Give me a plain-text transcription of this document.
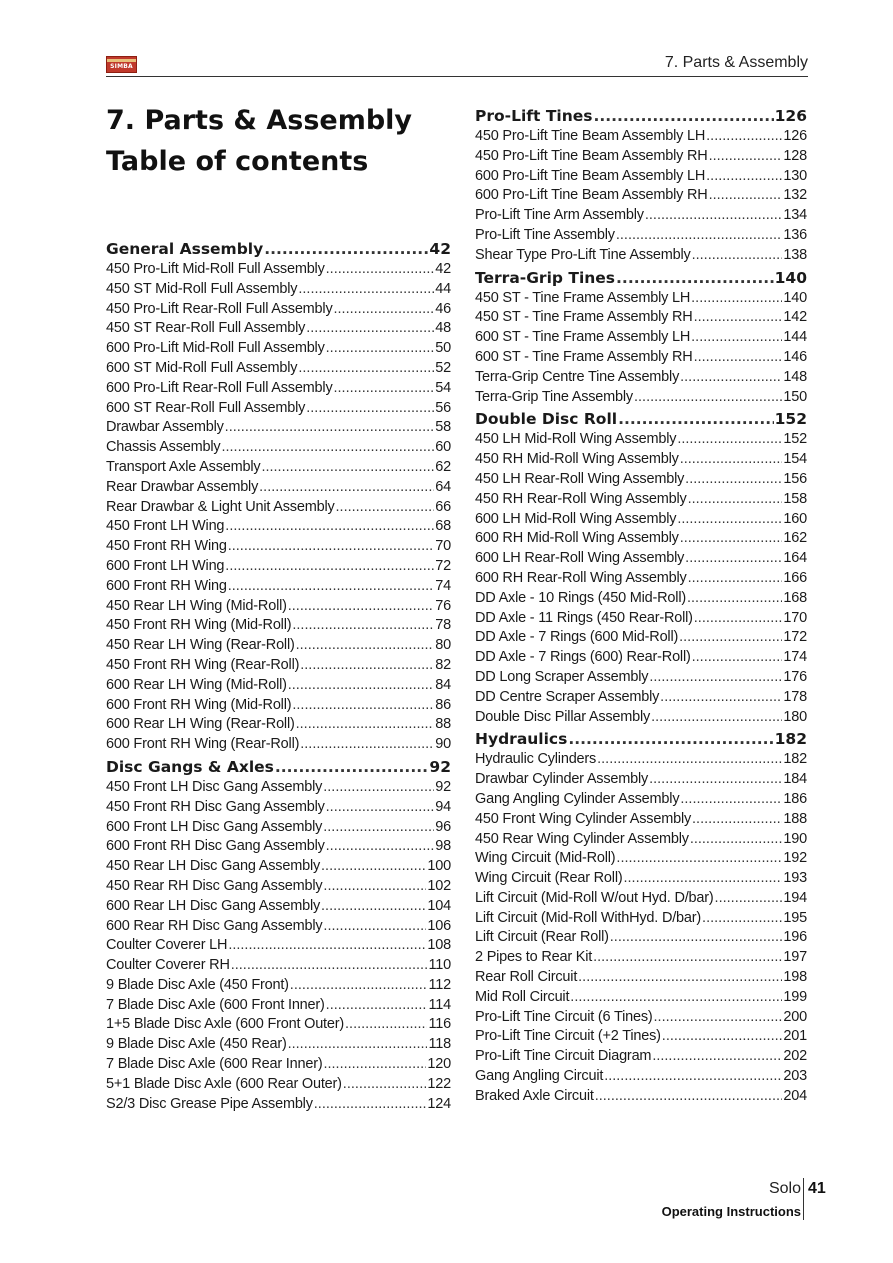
SIMBA	7. Parts & Assembly
7. Parts & Assembly
Table of contents
General Assembly .....	42
450 Pro-Lift Mid-Roll Full Assembly .....	42
450 ST Mid-Roll Full Assembly .....	44
450 Pro-Lift Rear-Roll Full Assembly .....	46
450 ST Rear-Roll Full Assembly .....	48
600 Pro-Lift Mid-Roll Full Assembly .....	50
600 ST Mid-Roll Full Assembly .....	52
600 Pro-Lift Rear-Roll Full Assembly .....	54
600 ST Rear-Roll Full Assembly .....	56
Drawbar Assembly .....	58
Chassis Assembly .....	60
Transport Axle Assembly .....	62
Rear Drawbar Assembly .....	64
Rear Drawbar & Light Unit Assembly .....	66
450 Front LH Wing .....	68
450 Front RH Wing .....	70
600 Front LH Wing .....	72
600 Front RH Wing .....	74
450 Rear LH Wing (Mid-Roll) .....	76
450 Front RH Wing (Mid-Roll) .....	78
450 Rear LH Wing (Rear-Roll) .....	80
450 Front RH Wing (Rear-Roll) .....	82
600 Rear LH Wing (Mid-Roll) .....	84
600 Front RH Wing (Mid-Roll) .....	86
600 Rear LH Wing (Rear-Roll) .....	88
600 Front RH Wing (Rear-Roll) .....	90
Disc Gangs & Axles .....	92
450 Front LH Disc Gang Assembly .....	92
450 Front RH Disc Gang Assembly .....	94
600 Front LH Disc Gang Assembly .....	96
600 Front RH Disc Gang Assembly .....	98
450 Rear LH Disc Gang Assembly .....	100
450 Rear RH Disc Gang Assembly .....	102
600 Rear LH Disc Gang Assembly .....	104
600 Rear RH Disc Gang Assembly .....	106
Coulter Coverer LH .....	108
Coulter Coverer RH .....	110
9 Blade Disc Axle (450 Front) .....	112
7 Blade Disc Axle (600 Front Inner) .....	114
1+5 Blade Disc Axle (600 Front Outer) .....	116
9 Blade Disc Axle (450 Rear) .....	118
7 Blade Disc Axle (600 Rear Inner) .....	120
5+1 Blade Disc Axle (600 Rear Outer) .....	122
S2/3 Disc Grease Pipe Assembly .....	124
Pro-Lift Tines .....	126
450 Pro-Lift Tine Beam Assembly LH .....	126
450 Pro-Lift Tine Beam Assembly RH .....	128
600 Pro-Lift Tine Beam Assembly LH .....	130
600 Pro-Lift Tine Beam Assembly RH .....	132
Pro-Lift Tine Arm Assembly .....	134
Pro-Lift Tine Assembly .....	136
Shear Type Pro-Lift Tine Assembly .....	138
Terra-Grip Tines .....	140
450 ST - Tine Frame Assembly LH .....	140
450 ST - Tine Frame Assembly RH .....	142
600 ST - Tine Frame Assembly LH .....	144
600 ST - Tine Frame Assembly RH .....	146
Terra-Grip Centre Tine Assembly .....	148
Terra-Grip Tine Assembly .....	150
Double Disc Roll .....	152
450 LH Mid-Roll Wing Assembly .....	152
450 RH Mid-Roll Wing Assembly .....	154
450 LH Rear-Roll Wing Assembly .....	156
450 RH Rear-Roll Wing Assembly .....	158
600 LH Mid-Roll Wing Assembly .....	160
600 RH Mid-Roll Wing Assembly .....	162
600 LH Rear-Roll Wing Assembly .....	164
600 RH Rear-Roll Wing Assembly .....	166
DD Axle - 10 Rings (450 Mid-Roll) .....	168
DD Axle - 11 Rings (450 Rear-Roll) .....	170
DD Axle - 7 Rings (600 Mid-Roll) .....	172
DD Axle - 7 Rings (600) Rear-Roll) .....	174
DD Long Scraper Assembly .....	176
DD Centre Scraper Assembly .....	178
Double Disc Pillar Assembly .....	180
Hydraulics .....	182
Hydraulic Cylinders .....	182
Drawbar Cylinder Assembly .....	184
Gang Angling Cylinder Assembly .....	186
450 Front Wing Cylinder Assembly .....	188
450 Rear Wing Cylinder Assembly .....	190
Wing Circuit (Mid-Roll) .....	192
Wing Circuit (Rear Roll) .....	193
Lift Circuit (Mid-Roll W/out Hyd. D/bar) .....	194
Lift Circuit (Mid-Roll WithHyd. D/bar) .....	195
Lift Circuit (Rear Roll) .....	196
2 Pipes to Rear Kit .....	197
Rear Roll Circuit .....	198
Mid Roll Circuit .....	199
Pro-Lift Tine Circuit (6 Tines) .....	200
Pro-Lift Tine Circuit (+2 Tines) .....	201
Pro-Lift Tine Circuit Diagram .....	202
Gang Angling Circuit .....	203
Braked Axle Circuit .....	204
Solo 41
Operating Instructions
